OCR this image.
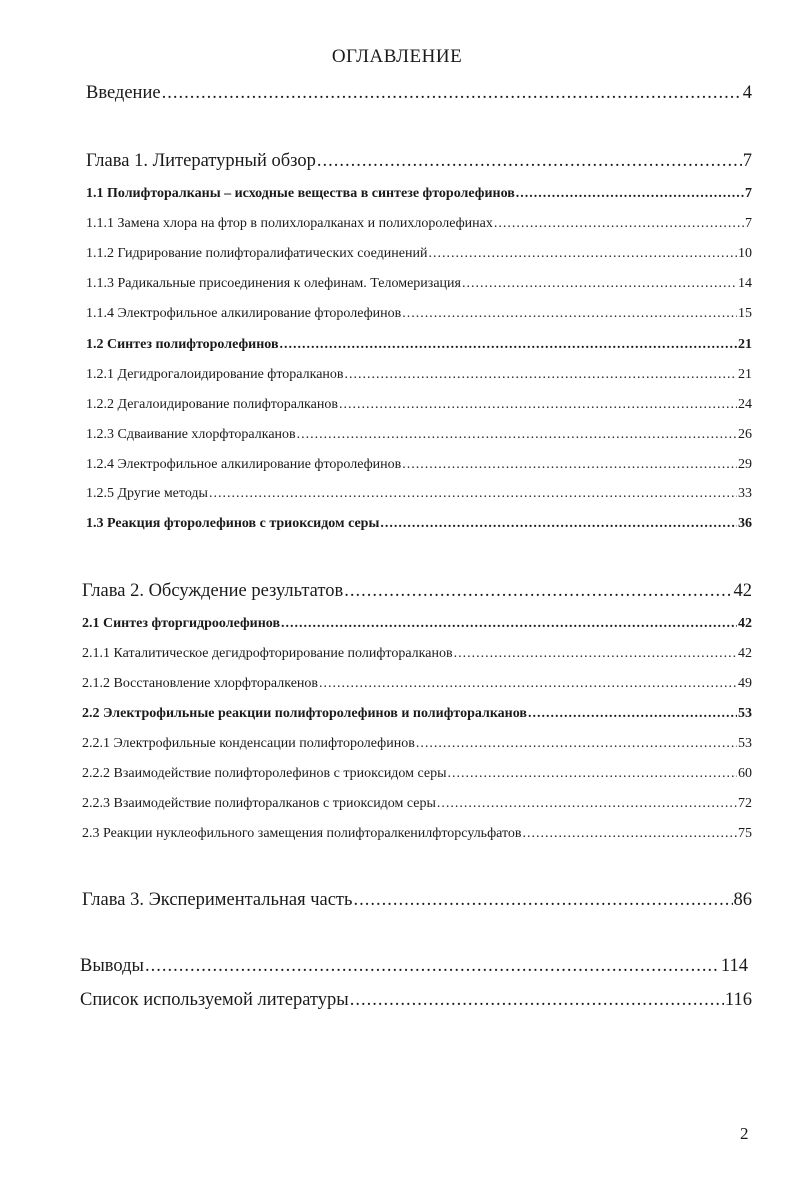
ОГЛАВЛЕНИЕ
Введение .....	4
Глава 1. Литературный обзор .....	7
1.1 Полифторалканы – исходные вещества в синтезе фторолефинов .....	7
1.1.1 Замена хлора на фтор в полихлоралканах и полихлоролефинах .....	7
1.1.2 Гидрирование полифторалифатических соединений .....	10
1.1.3 Радикальные присоединения к олефинам. Теломеризация .....	14
1.1.4 Электрофильное алкилирование фторолефинов .....	15
1.2 Синтез полифторолефинов .....	21
1.2.1 Дегидрогалоидирование фторалканов .....	21
1.2.2 Дегалоидирование полифторалканов .....	24
1.2.3 Сдваивание хлорфторалканов .....	26
1.2.4 Электрофильное алкилирование фторолефинов .....	29
1.2.5 Другие методы .....	33
1.3 Реакция фторолефинов с триоксидом серы .....	36
Глава 2. Обсуждение результатов .....	42
2.1 Синтез фторгидроолефинов .....	42
2.1.1 Каталитическое дегидрофторирование полифторалканов .....	42
2.1.2 Восстановление хлорфторалкенов .....	49
2.2 Электрофильные реакции полифторолефинов и полифторалканов .....	53
2.2.1 Электрофильные конденсации полифторолефинов .....	53
2.2.2 Взаимодействие полифторолефинов с триоксидом серы .....	60
2.2.3 Взаимодействие полифторалканов с триоксидом серы .....	72
2.3 Реакции нуклеофильного замещения полифторалкенилфторсульфатов .....	75
Глава 3. Экспериментальная часть .....	86
Выводы .....	114
Список используемой литературы .....	116
2
